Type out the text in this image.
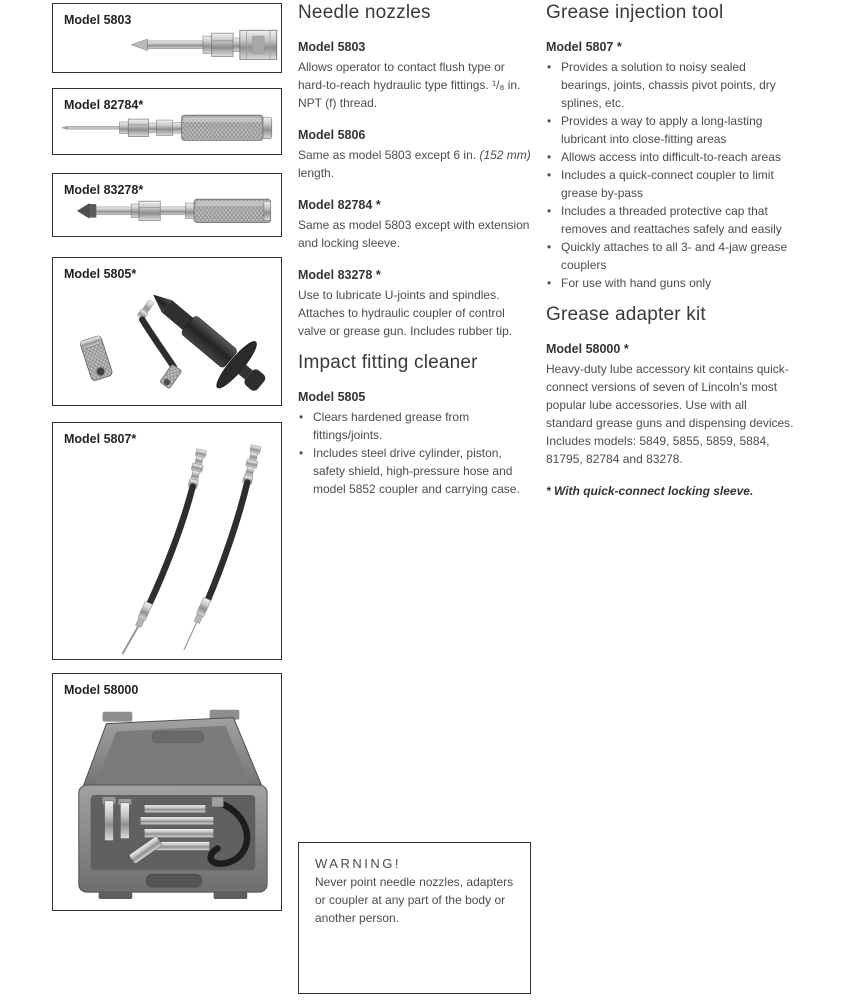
Model 5803
Model 82784*
Model 83278*
Model 5805*
Model 5807*
Model 58000
Needle nozzles
Model 5803

Allows operator to contact flush type or hard-to-reach hydraulic type fittings. ¹/₈ in. NPT (f) thread.

Model 5806

Same as model 5803 except 6 in. (152 mm) length.

Model 82784 *

Same as model 5803 except with extension and locking sleeve.

Model 83278 *

Use to lubricate U-joints and spindles. Attaches to hydraulic coupler of control valve or grease gun. Includes rubber tip.

Impact fitting cleaner
Model 5805
• Clears hardened grease from fittings/joints.
• Includes steel drive cylinder, piston, safety shield, high-pressure hose and model 5852 coupler and carrying case.
Grease injection tool
Model 5807 *
• Provides a solution to noisy sealed bearings, joints, chassis pivot points, dry splines, etc.
• Provides a way to apply a long-lasting lubricant into close-fitting areas
• Allows access into difficult-to-reach areas
• Includes a quick-connect coupler to limit grease by-pass
• Includes a threaded protective cap that removes and reattaches safely and easily
• Quickly attaches to all 3- and 4-jaw grease couplers
• For use with hand guns only
Grease adapter kit
Model 58000 *

Heavy-duty lube accessory kit contains quick-connect versions of seven of Lincoln's most popular lube accessories. Use with all standard grease guns and dispensing devices. Includes models: 5849, 5855, 5859, 5884, 81795, 82784 and 83278.

* With quick-connect locking sleeve.

WARNING!
Never point needle nozzles, adapters or coupler at any part of the body or another person.
